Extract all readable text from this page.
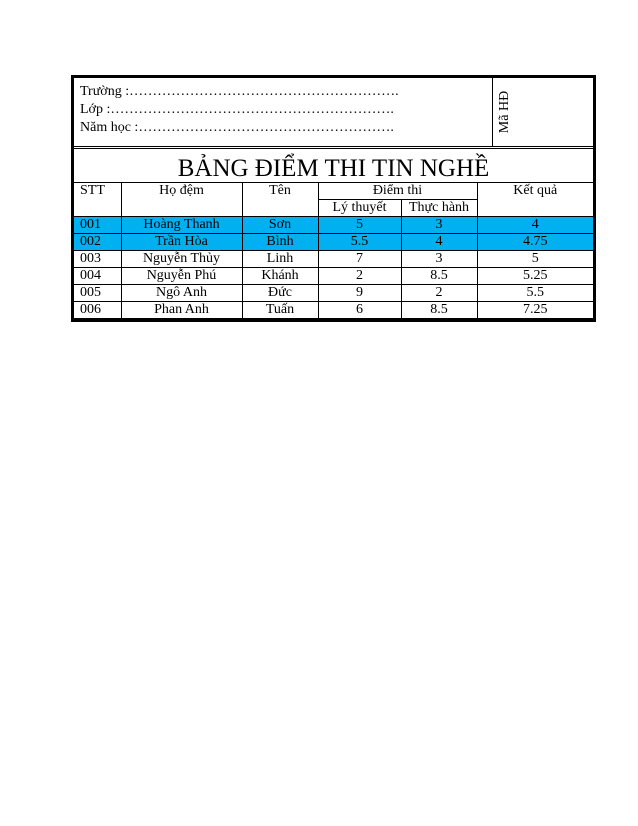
Trường :………………………………………………….
Lớp :…………………………………………………….
Năm học :……………………………………………….	Mã HĐ
BẢNG ĐIỂM THI TIN NGHỀ
STT	Họ đệm	Tên	Điểm thi		Kết quả
			Lý thuyết	Thực hành	
001	Hoàng Thanh	Sơn	5	3	4
002	Trần Hòa	Bình	5.5	4	4.75
003	Nguyễn Thủy	Linh	7	3	5
004	Nguyễn Phú	Khánh	2	8.5	5.25
005	Ngô Anh	Đức	9	2	5.5
006	Phan Anh	Tuấn	6	8.5	7.25
